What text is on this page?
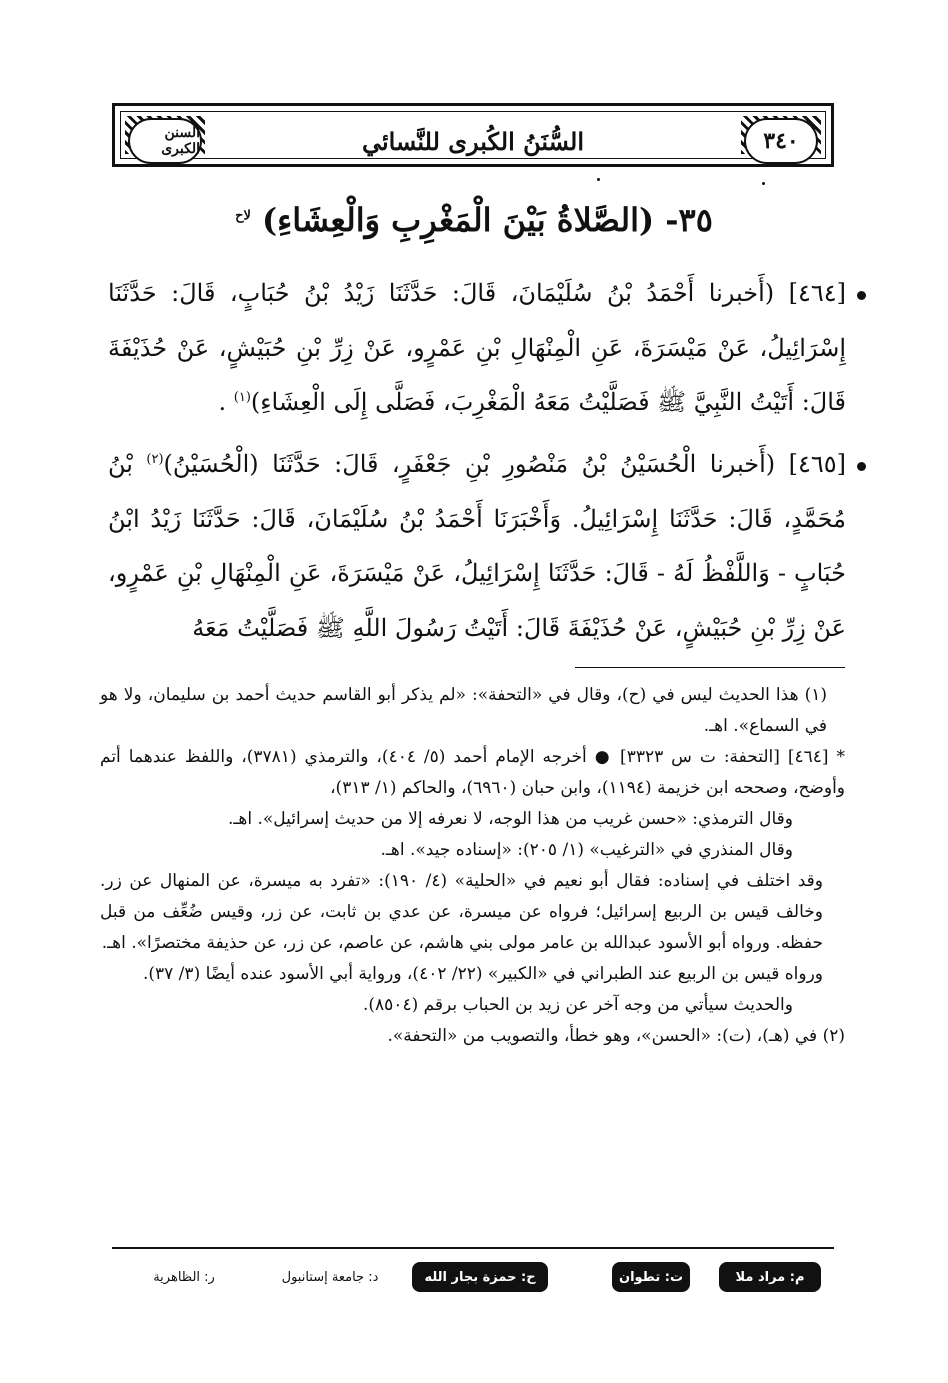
السنن الكبرى	٣٤٠
السُّنَنُ الكُبرى للنَّسائي
٣٥- (الصَّلاةُ بَيْنَ الْمَغْرِبِ وَالْعِشَاءِ) $^{لاح}$
[٤٦٤] (أَخبرنا أَحْمَدُ بْنُ سُلَيْمَانَ، قَالَ: حَدَّثَنَا زَيْدُ بْنُ حُبَابٍ، قَالَ: حَدَّثَنَا إِسْرَائِيلُ، عَنْ مَيْسَرَةَ، عَنِ الْمِنْهَالِ بْنِ عَمْرٍو، عَنْ زِرِّ بْنِ حُبَيْشٍ، عَنْ حُذَيْفَةَ قَالَ: أَتَيْتُ النَّبِيَّ ﷺ فَصَلَّيْتُ مَعَهُ الْمَغْرِبَ، فَصَلَّى إِلَى الْعِشَاءِ)$^{(١)}$ .
[٤٦٥] (أَخبرنا الْحُسَيْنُ بْنُ مَنْصُورِ بْنِ جَعْفَرٍ، قَالَ: حَدَّثَنَا (الْحُسَيْنُ)$^{(٢)}$ بْنُ مُحَمَّدٍ، قَالَ: حَدَّثَنَا إِسْرَائِيلُ. وَأَخْبَرَنَا أَحْمَدُ بْنُ سُلَيْمَانَ، قَالَ: حَدَّثَنَا زَيْدُ ابْنُ حُبَابٍ - وَاللَّفْظُ لَهُ - قَالَ: حَدَّثَنَا إِسْرَائِيلُ، عَنْ مَيْسَرَةَ، عَنِ الْمِنْهَالِ بْنِ عَمْرٍو، عَنْ زِرِّ بْنِ حُبَيْشٍ، عَنْ حُذَيْفَةَ قَالَ: أَتَيْتُ رَسُولَ اللَّهِ ﷺ فَصَلَّيْتُ مَعَهُ

(١) هذا الحديث ليس في (ح)، وقال في «التحفة»: «لم يذكر أبو القاسم حديث أحمد بن سليمان، ولا هو في السماع». اهـ.

* [٤٦٤] [التحفة: ت س ٣٣٢٣] ● أخرجه الإمام أحمد (٥/ ٤٠٤)، والترمذي (٣٧٨١)، واللفظ عندهما أتم وأوضح، وصححه ابن خزيمة (١١٩٤)، وابن حبان (٦٩٦٠)، والحاكم (١/ ٣١٣)،

وقال الترمذي: «حسن غريب من هذا الوجه، لا نعرفه إلا من حديث إسرائيل». اهـ.

وقال المنذري في «الترغيب» (١/ ٢٠٥): «إسناده جيد». اهـ.

وقد اختلف في إسناده: فقال أبو نعيم في «الحلية» (٤/ ١٩٠): «تفرد به ميسرة، عن المنهال عن زر. وخالف قيس بن الربيع إسرائيل؛ فرواه عن ميسرة، عن عدي بن ثابت، عن زر، وقيس ضُعِّف من قبل حفظه. ورواه أبو الأسود عبدالله بن عامر مولى بني هاشم، عن عاصم، عن زر، عن حذيفة مختصرًا». اهـ.

ورواه قيس بن الربيع عند الطبراني في «الكبير» (٢٢/ ٤٠٢)، ورواية أبي الأسود عنده أيضًا (٣/ ٣٧).

والحديث سيأتي من وجه آخر عن زيد بن الحباب برقم (٨٥٠٤).

(٢) في (هـ)، (ت): «الحسن»، وهو خطأ، والتصويب من «التحفة».

م: مراد ملا
ت: تطوان
ح: حمزة بجار الله
د: جامعة إستانبول
ر: الظاهرية
